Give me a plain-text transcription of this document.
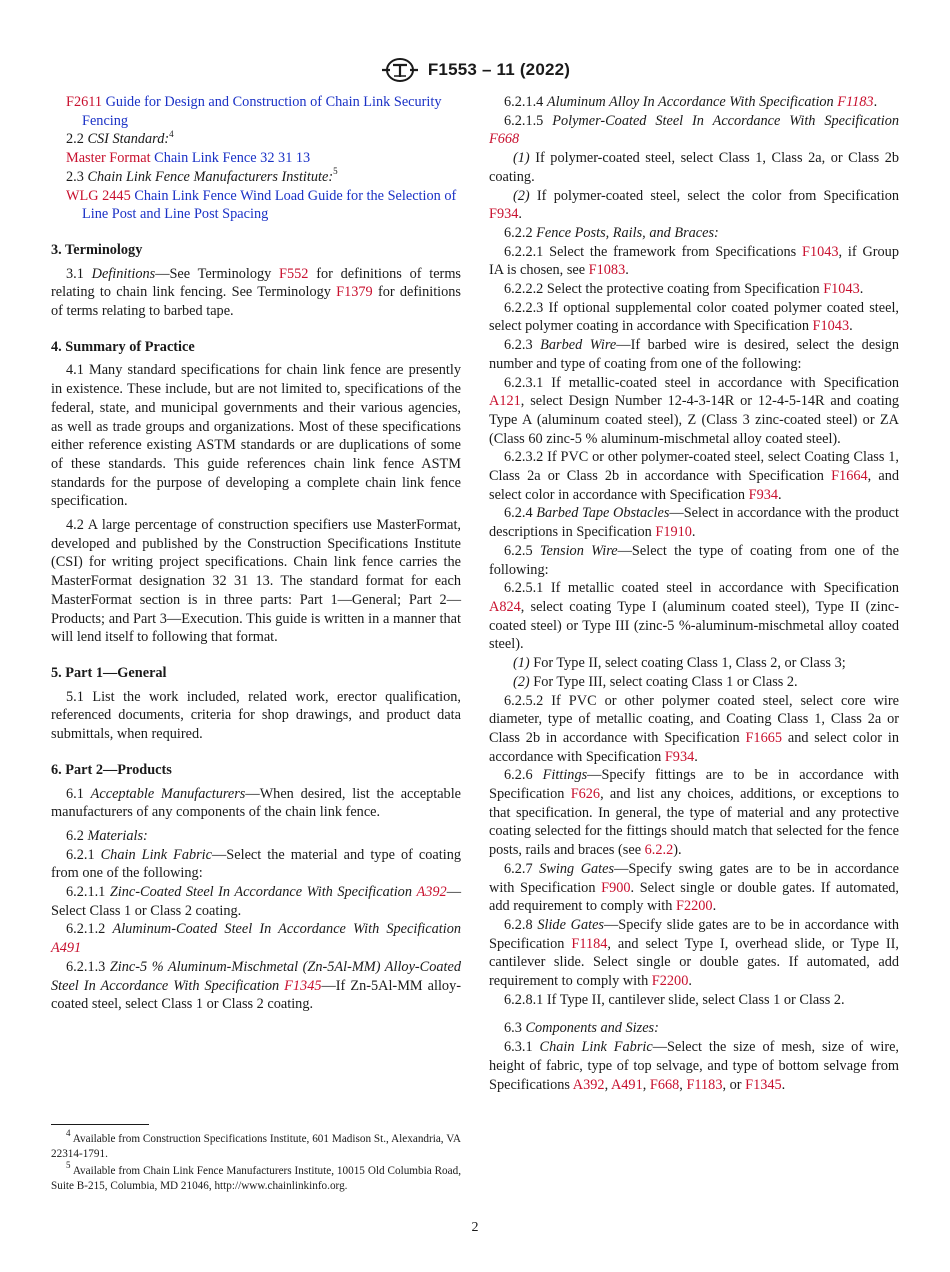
F1553 – 11 (2022)

F2611 Guide for Design and Construction of Chain Link Security Fencing

2.2 CSI Standard:$^4$

Master Format Chain Link Fence 32 31 13

2.3 Chain Link Fence Manufacturers Institute:$^5$

WLG 2445 Chain Link Fence Wind Load Guide for the Selection of Line Post and Line Post Spacing

3. Terminology

3.1 Definitions—See Terminology F552 for definitions of terms relating to chain link fencing. See Terminology F1379 for definitions of terms relating to barbed tape.

4. Summary of Practice

4.1 Many standard specifications for chain link fence are presently in existence. These include, but are not limited to, specifications of the federal, state, and municipal governments and their various agencies, as well as trade groups and organizations. Most of these specifications either reference existing ASTM standards or are duplications of some of these standards. This guide references chain link fence ASTM standards for the purpose of developing a complete chain link fence specification.

4.2 A large percentage of construction specifiers use MasterFormat, developed and published by the Construction Specifications Institute (CSI) for writing project specifications. Chain link fence carries the MasterFormat designation 32 31 13. The standard format for each MasterFormat section is in three parts: Part 1—General; Part 2—Products; and Part 3—Execution. This guide is written in a manner that will lend itself to following that format.

5. Part 1—General

5.1 List the work included, related work, erector qualification, referenced documents, criteria for shop drawings, and product data submittals, when required.

6. Part 2—Products

6.1 Acceptable Manufacturers—When desired, list the acceptable manufacturers of any components of the chain link fence.

6.2 Materials:

6.2.1 Chain Link Fabric—Select the material and type of coating from one of the following:

6.2.1.1 Zinc-Coated Steel In Accordance With Specification A392—Select Class 1 or Class 2 coating.

6.2.1.2 Aluminum-Coated Steel In Accordance With Specification A491

6.2.1.3 Zinc-5 % Aluminum-Mischmetal (Zn-5Al-MM) Alloy-Coated Steel In Accordance With Specification F1345—If Zn-5Al-MM alloy-coated steel, select Class 1 or Class 2 coating.

6.2.1.4 Aluminum Alloy In Accordance With Specification F1183.

6.2.1.5 Polymer-Coated Steel In Accordance With Specification F668

(1) If polymer-coated steel, select Class 1, Class 2a, or Class 2b coating.

(2) If polymer-coated steel, select the color from Specification F934.

6.2.2 Fence Posts, Rails, and Braces:

6.2.2.1 Select the framework from Specifications F1043, if Group IA is chosen, see F1083.

6.2.2.2 Select the protective coating from Specification F1043.

6.2.2.3 If optional supplemental color coated polymer coated steel, select polymer coating in accordance with Specification F1043.

6.2.3 Barbed Wire—If barbed wire is desired, select the design number and type of coating from one of the following:

6.2.3.1 If metallic-coated steel in accordance with Specification A121, select Design Number 12-4-3-14R or 12-4-5-14R and coating Type A (aluminum coated steel), Z (Class 3 zinc-coated steel) or ZA (Class 60 zinc-5 % aluminum-mischmetal alloy coated steel).

6.2.3.2 If PVC or other polymer-coated steel, select Coating Class 1, Class 2a or Class 2b in accordance with Specification F1664, and select color in accordance with Specification F934.

6.2.4 Barbed Tape Obstacles—Select in accordance with the product descriptions in Specification F1910.

6.2.5 Tension Wire—Select the type of coating from one of the following:

6.2.5.1 If metallic coated steel in accordance with Specification A824, select coating Type I (aluminum coated steel), Type II (zinc-coated steel) or Type III (zinc-5 %-aluminum-mischmetal alloy coated steel).

(1) For Type II, select coating Class 1, Class 2, or Class 3;

(2) For Type III, select coating Class 1 or Class 2.

6.2.5.2 If PVC or other polymer coated steel, select core wire diameter, type of metallic coating, and Coating Class 1, Class 2a or Class 2b in accordance with Specification F1665 and select color in accordance with Specification F934.

6.2.6 Fittings—Specify fittings are to be in accordance with Specification F626, and list any choices, additions, or exceptions to that specification. In general, the type of material and any protective coating selected for the fittings should match that selected for the fence posts, rails and braces (see 6.2.2).

6.2.7 Swing Gates—Specify swing gates are to be in accordance with Specification F900. Select single or double gates. If automated, add requirement to comply with F2200.

6.2.8 Slide Gates—Specify slide gates are to be in accordance with Specification F1184, and select Type I, overhead slide, or Type II, cantilever slide. Select single or double gates. If automated, add requirement to comply with F2200.

6.2.8.1 If Type II, cantilever slide, select Class 1 or Class 2.

6.3 Components and Sizes:

6.3.1 Chain Link Fabric—Select the size of mesh, size of wire, height of fabric, type of top selvage, and type of bottom selvage from Specifications A392, A491, F668, F1183, or F1345.

$^4$ Available from Construction Specifications Institute, 601 Madison St., Alexandria, VA 22314-1791.

$^5$ Available from Chain Link Fence Manufacturers Institute, 10015 Old Columbia Road, Suite B-215, Columbia, MD 21046, http://www.chainlinkinfo.org.

2
